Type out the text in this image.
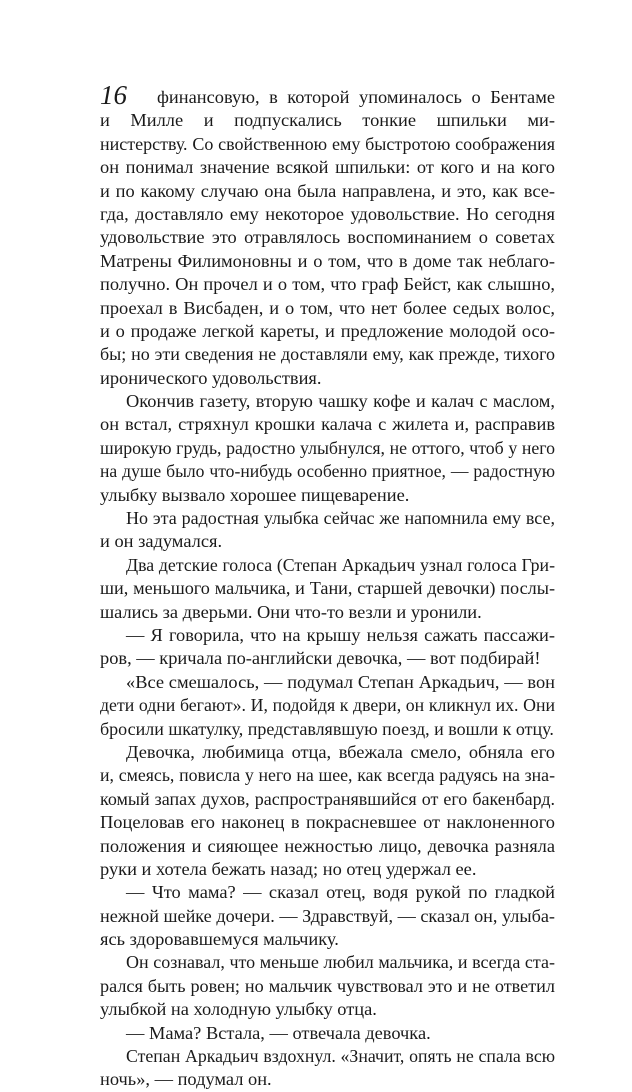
16	финансовую, в которой упоминалось о Бентаме
и Милле и подпускались тонкие шпильки ми-
нистерству. Со свойственною ему быстротою соображения
он понимал значение всякой шпильки: от кого и на кого
и по какому случаю она была направлена, и это, как все-
гда, доставляло ему некоторое удовольствие. Но сегодня
удовольствие это отравлялось воспоминанием о советах
Матрены Филимоновны и о том, что в доме так неблаго-
получно. Он прочел и о том, что граф Бейст, как слышно,
проехал в Висбаден, и о том, что нет более седых волос,
и о продаже легкой кареты, и предложение молодой осо-
бы; но эти сведения не доставляли ему, как прежде, тихого
иронического удовольствия.
Окончив газету, вторую чашку кофе и калач с маслом,
он встал, стряхнул крошки калача с жилета и, расправив
широкую грудь, радостно улыбнулся, не оттого, чтоб у него
на душе было что-нибудь особенно приятное, — радостную
улыбку вызвало хорошее пищеварение.
Но эта радостная улыбка сейчас же напомнила ему все,
и он задумался.
Два детские голоса (Степан Аркадьич узнал голоса Гри-
ши, меньшого мальчика, и Тани, старшей девочки) послы-
шались за дверьми. Они что-то везли и уронили.
— Я говорила, что на крышу нельзя сажать пассажи-
ров, — кричала по-английски девочка, — вот подбирай!
«Все смешалось, — подумал Степан Аркадьич, — вон
дети одни бегают». И, подойдя к двери, он кликнул их. Они
бросили шкатулку, представлявшую поезд, и вошли к отцу.
Девочка, любимица отца, вбежала смело, обняла его
и, смеясь, повисла у него на шее, как всегда радуясь на зна-
комый запах духов, распространявшийся от его бакенбард.
Поцеловав его наконец в покрасневшее от наклоненного
положения и сияющее нежностью лицо, девочка разняла
руки и хотела бежать назад; но отец удержал ее.
— Что мама? — сказал отец, водя рукой по гладкой
нежной шейке дочери. — Здравствуй, — сказал он, улыба-
ясь здоровавшемуся мальчику.
Он сознавал, что меньше любил мальчика, и всегда ста-
рался быть ровен; но мальчик чувствовал это и не ответил
улыбкой на холодную улыбку отца.
— Мама? Встала, — отвечала девочка.
Степан Аркадьич вздохнул. «Значит, опять не спала всю
ночь», — подумал он.
